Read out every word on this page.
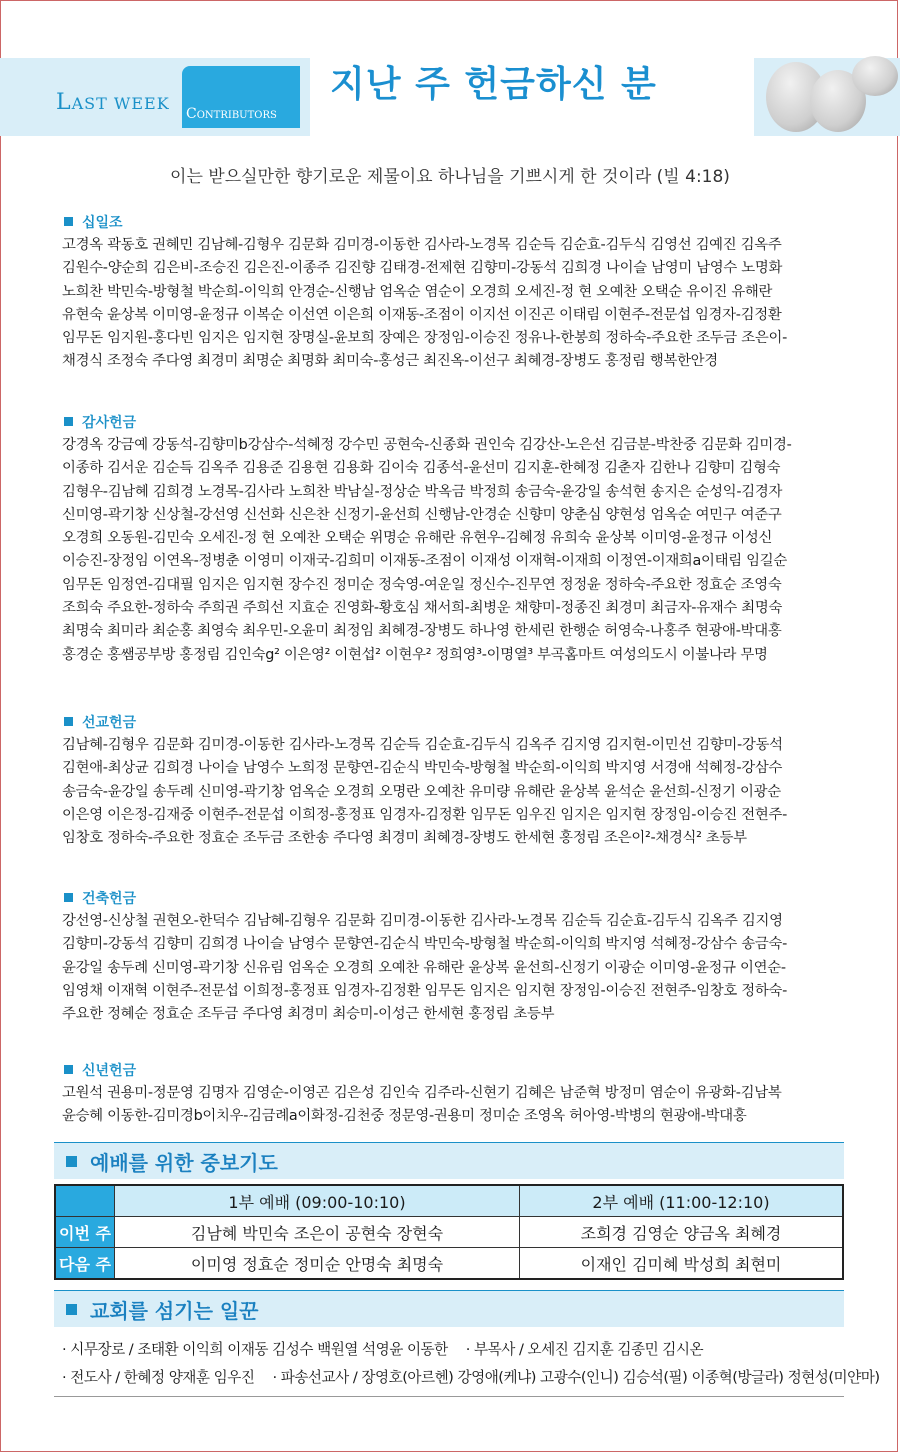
LAST WEEK
CONTRIBUTORS
지난 주 헌금하신 분
이는 받으실만한 향기로운 제물이요 하나님을 기쁘시게 한 것이라 (빌 4:18)
십일조
고경옥 곽동호 권혜민 김남혜-김형우 김문화 김미경-이동한 김사라-노경목 김순득 김순효-김두식 김영선 김예진 김옥주
김원수-양순희 김은비-조승진 김은진-이종주 김진향 김태경-전제현 김향미-강동석 김희경 나이슬 남영미 남영수 노명화
노희찬 박민숙-방형철 박순희-이익희 안경순-신행남 엄옥순 염순이 오경희 오세진-정 현 오예찬 오택순 유이진 유해란
유현숙 윤상복 이미영-윤정규 이복순 이선연 이은희 이재동-조점이 이지선 이진곤 이태림 이현주-전문섭 임경자-김정환
임무돈 임지원-홍다빈 임지은 임지현 장명실-윤보희 장예은 장정임-이승진 정유나-한봉희 정하숙-주요한 조두금 조은이-
채경식 조정숙 주다영 최경미 최명순 최명화 최미숙-홍성근 최진옥-이선구 최혜경-장병도 홍정림 행복한안경
감사헌금
강경옥 강금예 강동석-김향미b강삼수-석혜정 강수민 공현숙-신종화 권인숙 김강산-노은선 김금분-박찬중 김문화 김미경-
이종하 김서운 김순득 김옥주 김용준 김용현 김용화 김이숙 김종석-윤선미 김지훈-한혜정 김춘자 김한나 김향미 김형숙
김형우-김남혜 김희경 노경목-김사라 노희찬 박남실-정상순 박옥금 박정희 송금숙-윤강일 송석현 송지은 순성익-김경자
신미영-곽기창 신상철-강선영 신선화 신은찬 신정기-윤선희 신행남-안경순 신향미 양춘심 양현성 엄옥순 여민구 여준구
오경희 오동원-김민숙 오세진-정 현 오예찬 오택순 위명순 유해란 유현우-김혜정 유희숙 윤상복 이미영-윤정규 이성신
이승진-장정임 이연옥-정병춘 이영미 이재국-김희미 이재동-조점이 이재성 이재혁-이재희 이정연-이재희a이태림 임길순
임무돈 임정연-김대필 임지은 임지현 장수진 정미순 정숙영-여운일 정신수-진무연 정정윤 정하숙-주요한 정효순 조영숙
조희숙 주요한-정하숙 주희권 주희선 지효순 진영화-황호심 채서희-최병운 채향미-정종진 최경미 최금자-유재수 최명숙
최명숙 최미라 최순홍 최영숙 최우민-오윤미 최정임 최혜경-장병도 하나영 한세린 한행순 허영숙-나홍주 현광애-박대홍
홍경순 홍쌤공부방 홍정림 김인숙g² 이은영² 이현섭² 이현우² 정희영³-이명열³ 부곡홈마트 여성의도시 이불나라 무명
선교헌금
김남혜-김형우 김문화 김미경-이동한 김사라-노경목 김순득 김순효-김두식 김옥주 김지영 김지현-이민선 김향미-강동석
김현애-최상균 김희경 나이슬 남영수 노희정 문향연-김순식 박민숙-방형철 박순희-이익희 박지영 서경애 석혜정-강삼수
송금숙-윤강일 송두례 신미영-곽기창 엄옥순 오경희 오명란 오예찬 유미량 유해란 윤상복 윤석순 윤선희-신정기 이광순
이은영 이은정-김재중 이현주-전문섭 이희정-홍정표 임경자-김정환 임무돈 임우진 임지은 임지현 장정임-이승진 전현주-
임창호 정하숙-주요한 정효순 조두금 조한송 주다영 최경미 최혜경-장병도 한세현 홍정림 조은이²-채경식² 초등부
건축헌금
강선영-신상철 권현오-한덕수 김남혜-김형우 김문화 김미경-이동한 김사라-노경목 김순득 김순효-김두식 김옥주 김지영
김향미-강동석 김향미 김희경 나이슬 남영수 문향연-김순식 박민숙-방형철 박순희-이익희 박지영 석혜정-강삼수 송금숙-
윤강일 송두례 신미영-곽기창 신유림 엄옥순 오경희 오예찬 유해란 윤상복 윤선희-신정기 이광순 이미영-윤정규 이연순-
임영채 이재혁 이현주-전문섭 이희정-홍정표 임경자-김정환 임무돈 임지은 임지현 장정임-이승진 전현주-임창호 정하숙-
주요한 정혜순 정효순 조두금 주다영 최경미 최승미-이성근 한세현 홍정림 초등부
신년헌금
고원석 권용미-정문영 김명자 김영순-이영곤 김은성 김인숙 김주라-신현기 김혜은 남준혁 방정미 염순이 유광화-김남복
윤승혜 이동한-김미경b이치우-김금례a이화정-김천중 정문영-권용미 정미순 조영옥 허아영-박병의 현광애-박대홍
예배를 위한 중보기도
	1부 예배 (09:00-10:10)	2부 예배 (11:00-12:10)
이번 주	김남혜 박민숙 조은이 공현숙 장현숙	조희경 김영순 양금옥 최혜경
다음 주	이미영 정효순 정미순 안명숙 최명숙	이재인 김미혜 박성희 최현미
교회를 섬기는 일꾼
· 시무장로 / 조태환 이익희 이재동 김성수 백원열 석영윤 이동한 · 부목사 / 오세진 김지훈 김종민 김시온
· 전도사 / 한혜정 양재훈 임우진 · 파송선교사 / 장영호(아르헨) 강영애(케냐) 고광수(인니) 김승석(필) 이종혁(방글라) 정현성(미얀마)
